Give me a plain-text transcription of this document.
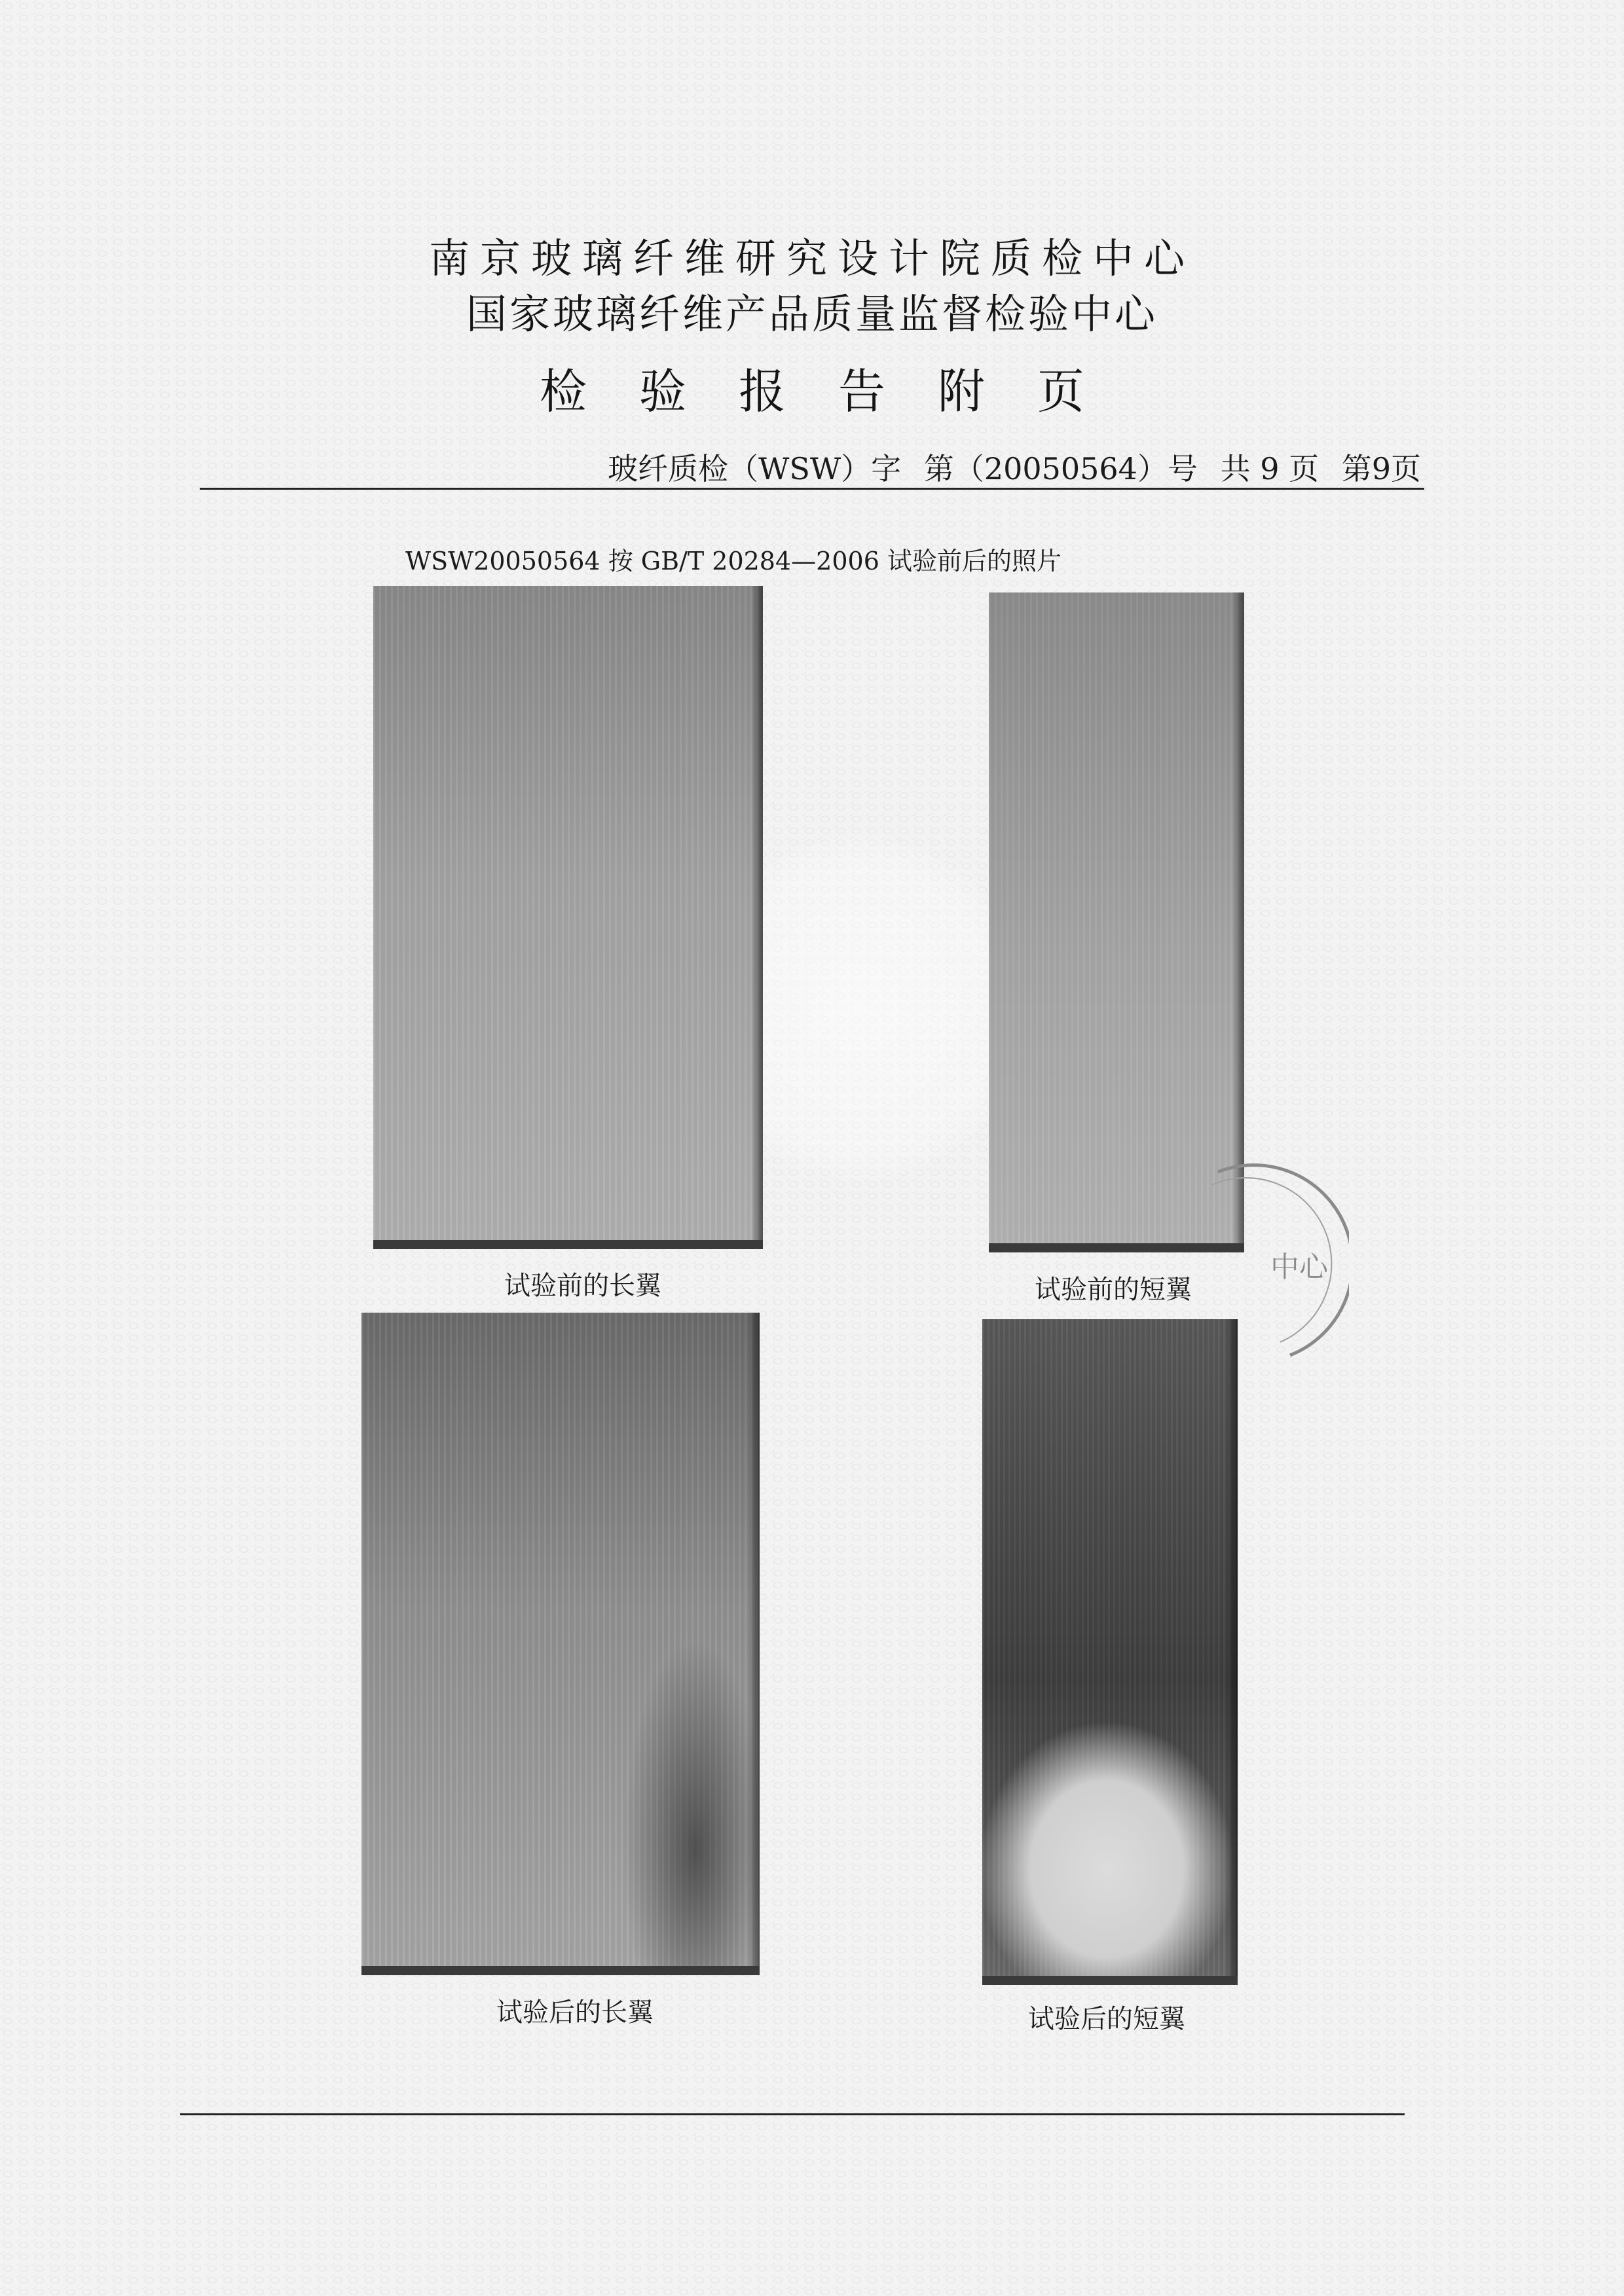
南京玻璃纤维研究设计院质检中心
国家玻璃纤维产品质量监督检验中心
检验报告附页
玻纤质检（WSW）字 第（20050564）号 共 9 页 第9页
WSW20050564 按 GB/T 20284—2006 试验前后的照片
试验前的长翼	试验前的短翼
试验后的长翼	试验后的短翼
中心
